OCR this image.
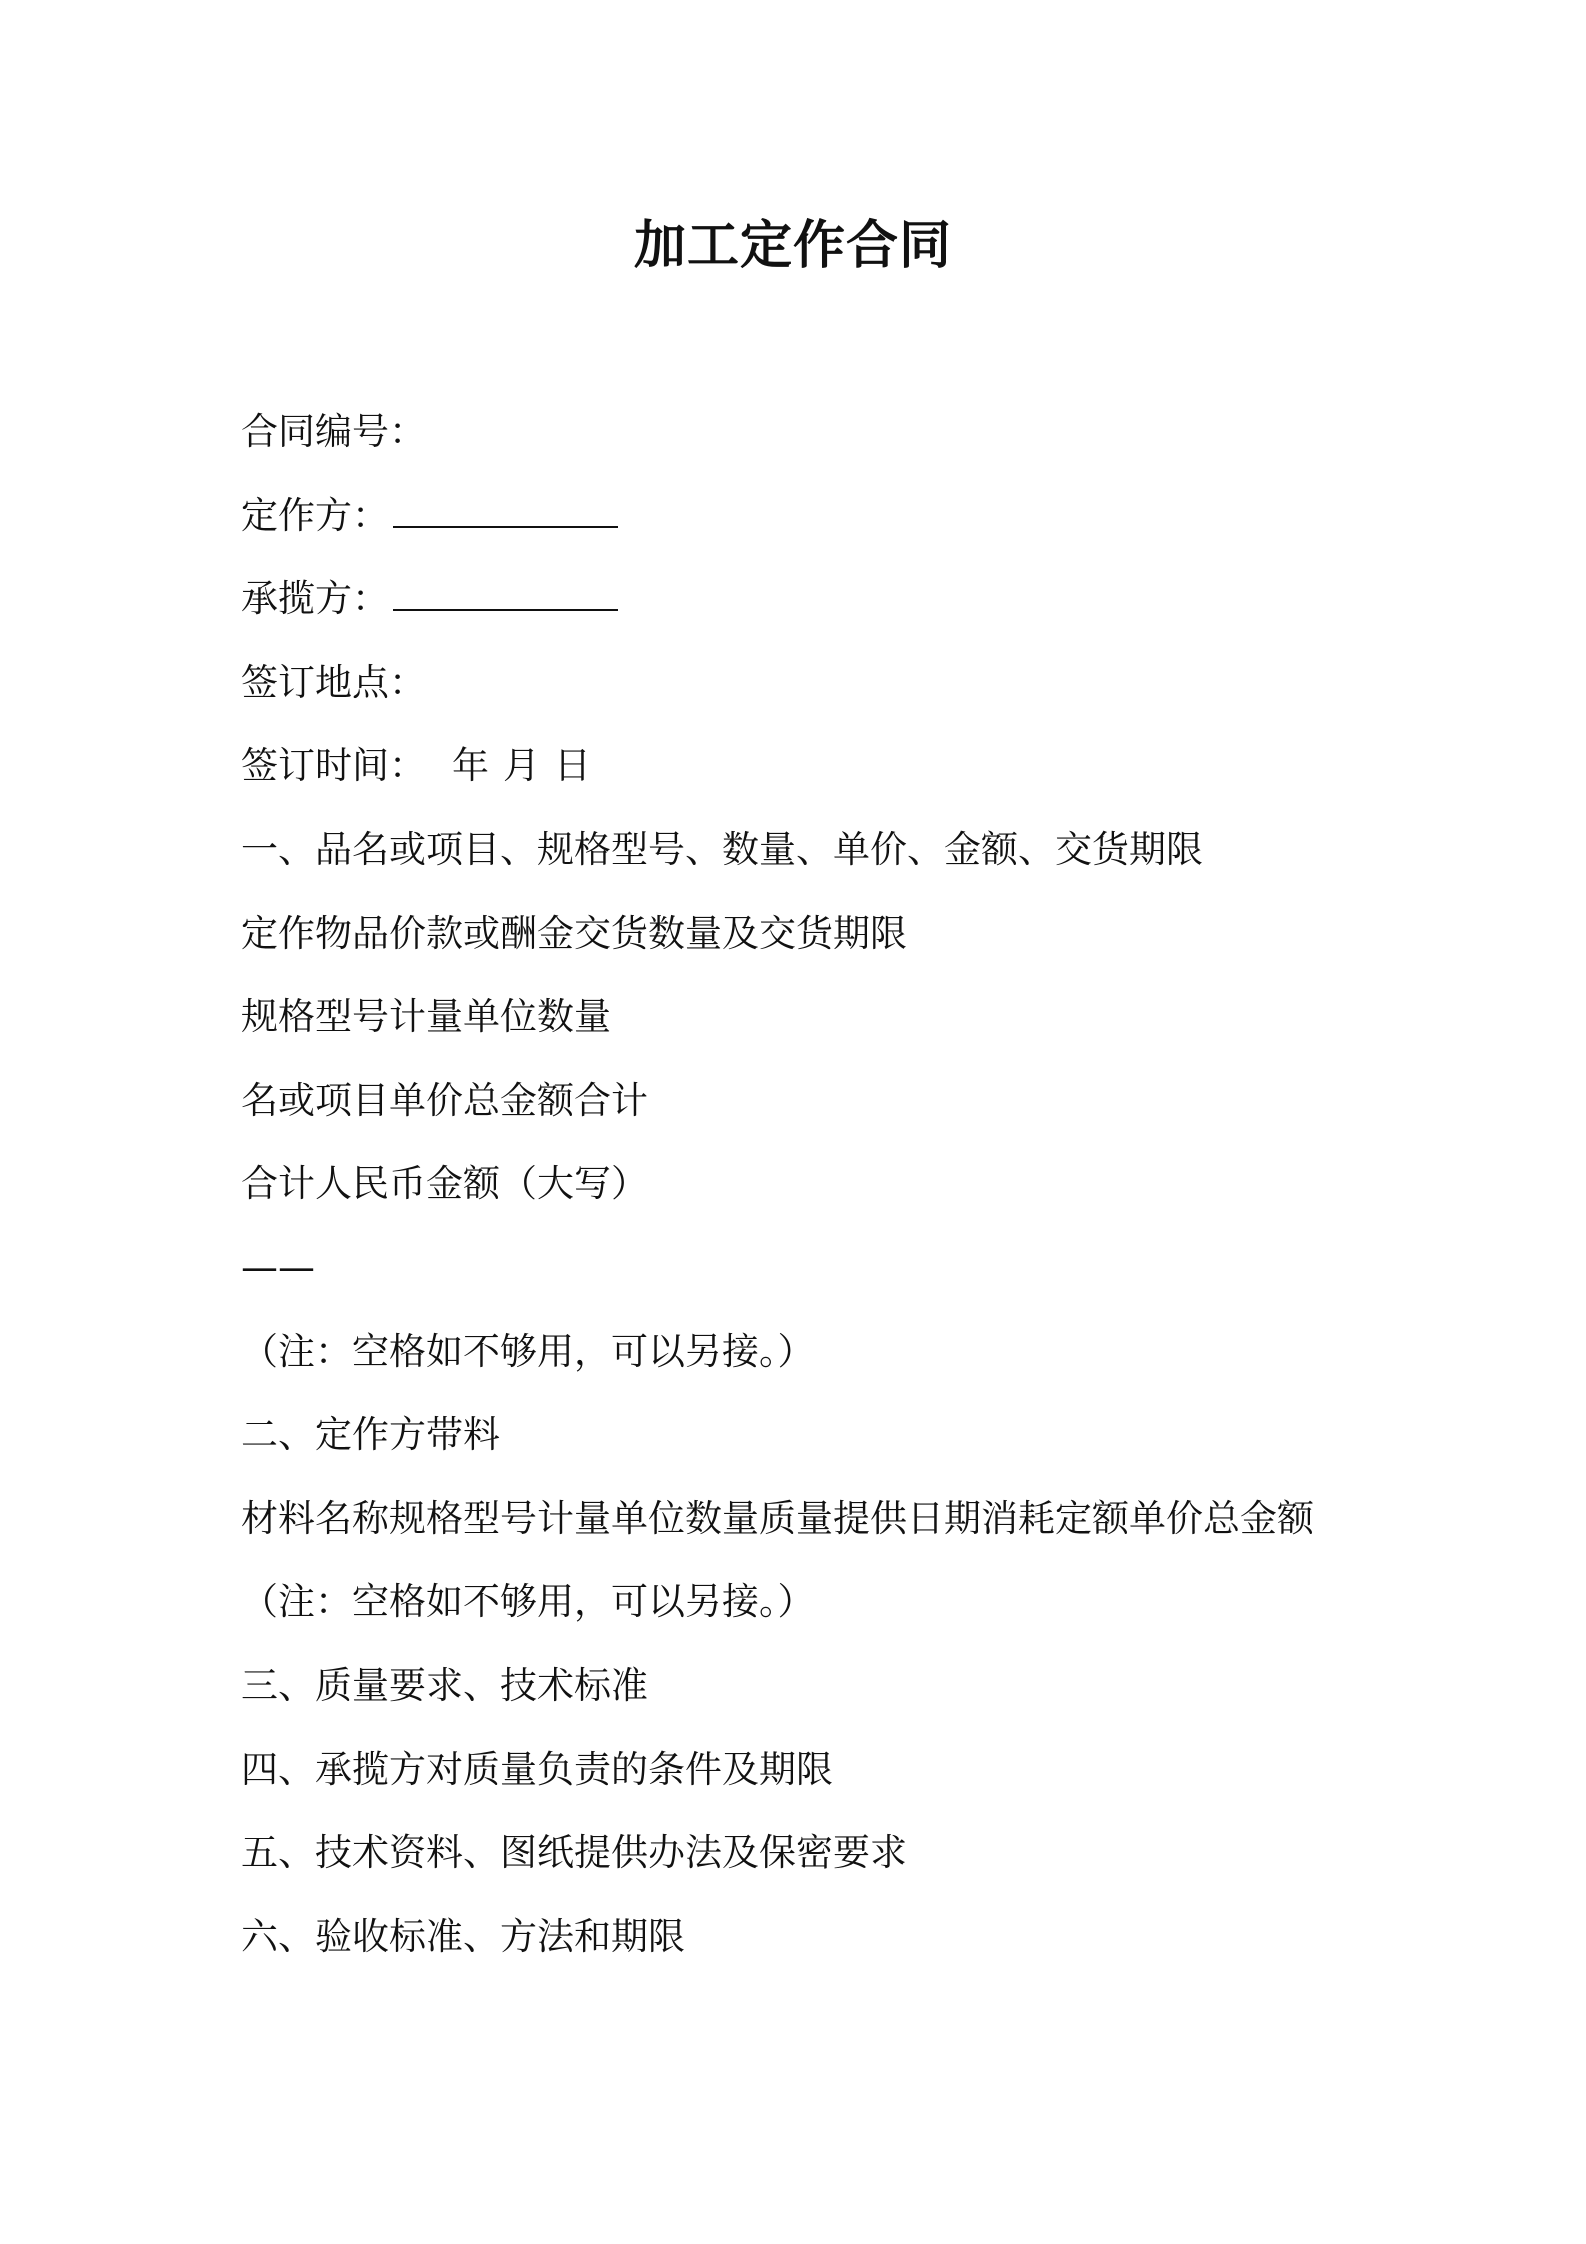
加工定作合同
合同编号：
定作方：
承揽方：
签订地点：
签订时间： 年 月 日
一、品名或项目、规格型号、数量、单价、金额、交货期限
定作物品价款或酬金交货数量及交货期限
规格型号计量单位数量
名或项目单价总金额合计
合计人民币金额（大写）
——
（注：空格如不够用，可以另接。）
二、定作方带料
材料名称规格型号计量单位数量质量提供日期消耗定额单价总金额
（注：空格如不够用，可以另接。）
三、质量要求、技术标准
四、承揽方对质量负责的条件及期限
五、技术资料、图纸提供办法及保密要求
六、验收标准、方法和期限
